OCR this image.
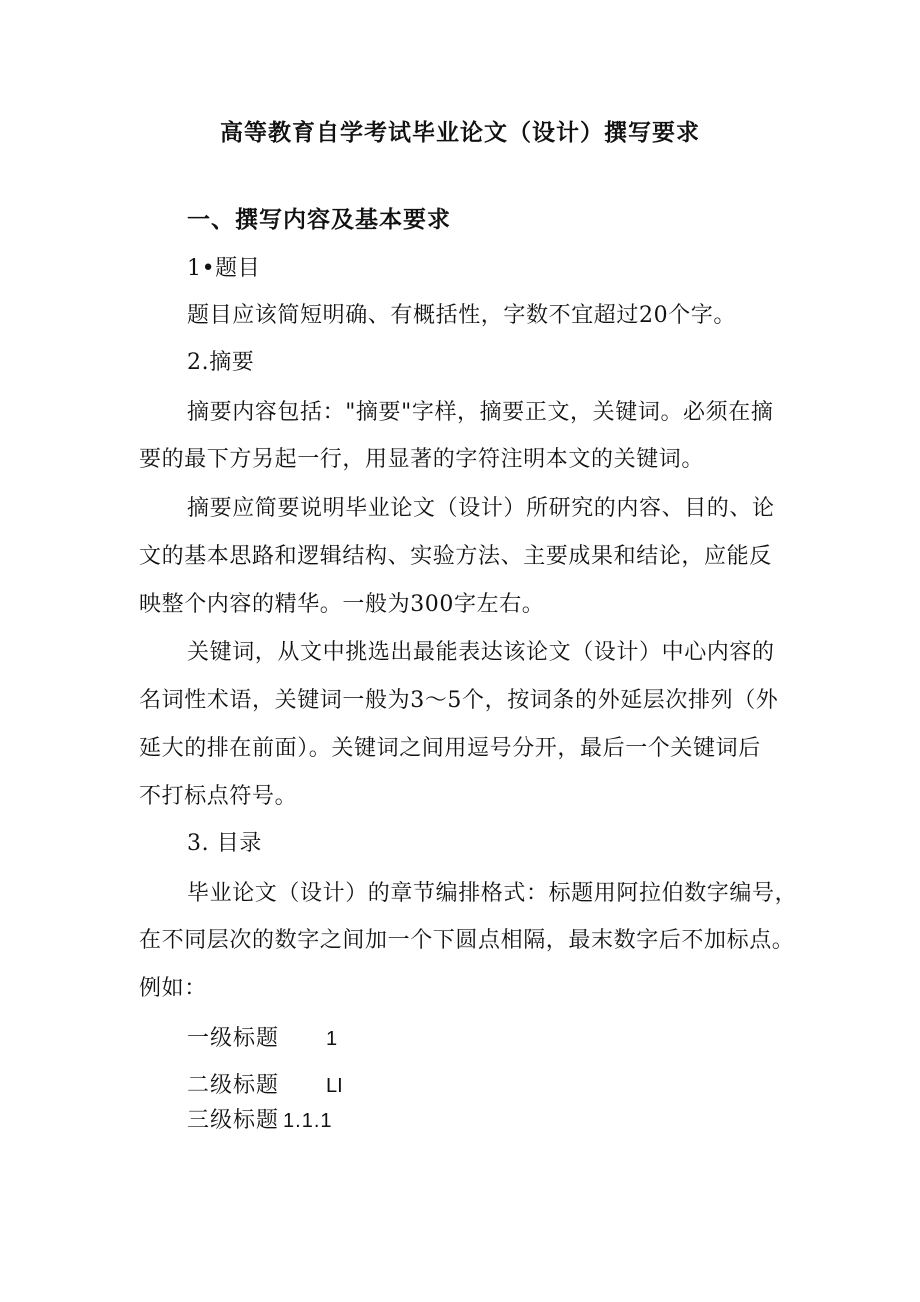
高等教育自学考试毕业论文（设计）撰写要求
一、撰写内容及基本要求
1•题目
题目应该简短明确、有概括性，字数不宜超过20个字。
2.摘要
摘要内容包括："摘要"字样，摘要正文，关键词。必须在摘
要的最下方另起一行，用显著的字符注明本文的关键词。
摘要应简要说明毕业论文（设计）所研究的内容、目的、论
文的基本思路和逻辑结构、实验方法、主要成果和结论，应能反
映整个内容的精华。一般为300字左右。
关键词，从文中挑选出最能表达该论文（设计）中心内容的
名词性术语，关键词一般为3〜5个，按词条的外延层次排列（外
延大的排在前面）。关键词之间用逗号分开，最后一个关键词后
不打标点符号。
3. 目录
毕业论文（设计）的章节编排格式：标题用阿拉伯数字编号，
在不同层次的数字之间加一个下圆点相隔，最末数字后不加标点。
例如：
一级标题 1
二级标题 LI
三级标题 1.1.1
